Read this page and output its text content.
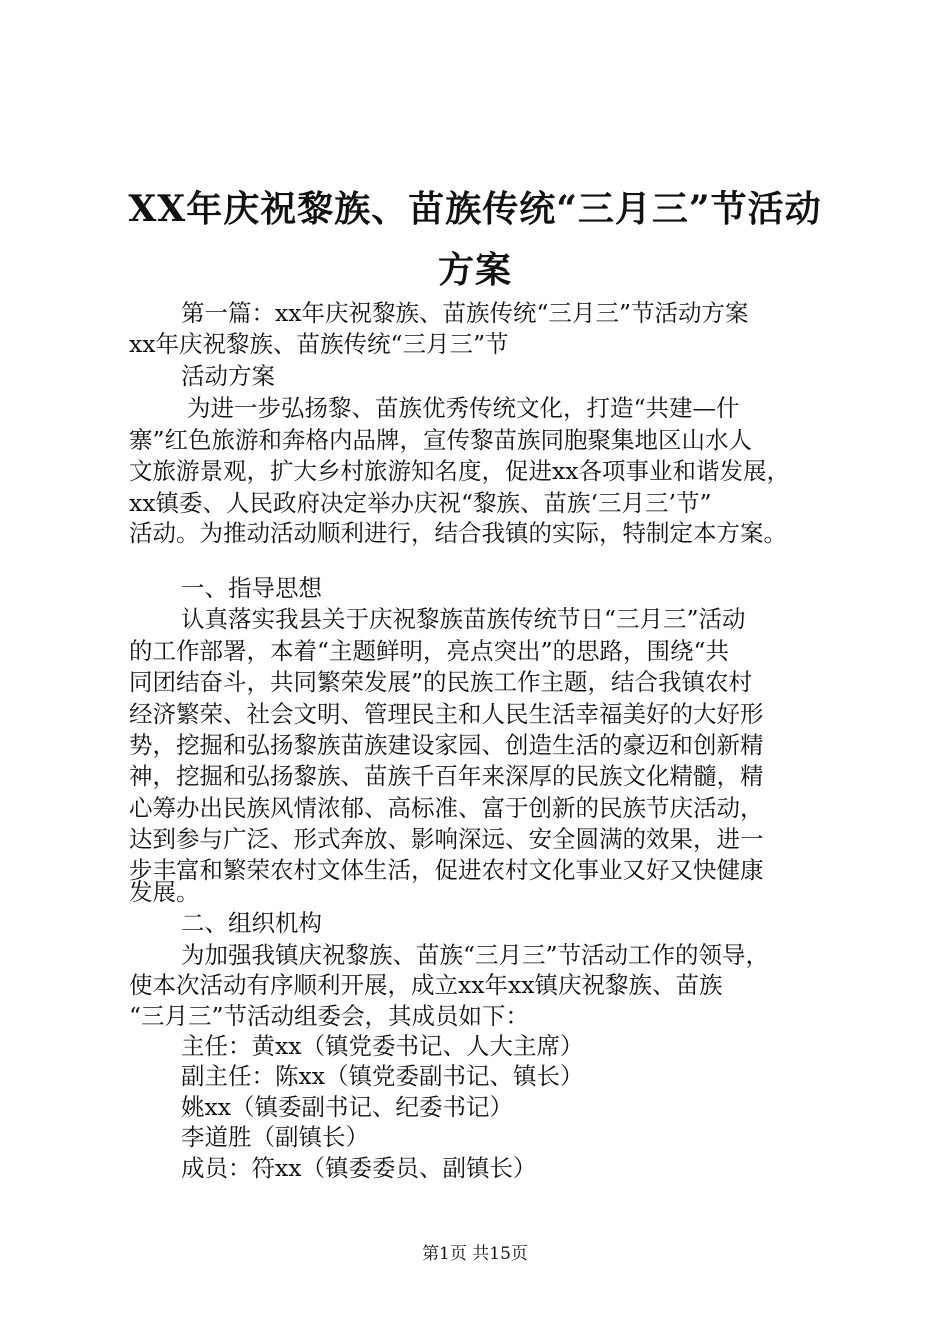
XX年庆祝黎族、苗族传统“三月三”节活动
方案
第一篇：xx年庆祝黎族、苗族传统“三月三”节活动方案
xx年庆祝黎族、苗族传统“三月三”节
活动方案
为进一步弘扬黎、苗族优秀传统文化，打造“共建—什
寨”红色旅游和奔格内品牌，宣传黎苗族同胞聚集地区山水人
文旅游景观，扩大乡村旅游知名度，促进xx各项事业和谐发展，
xx镇委、人民政府决定举办庆祝“黎族、苗族‘三月三’节”
活动。为推动活动顺利进行，结合我镇的实际，特制定本方案。
一、指导思想
认真落实我县关于庆祝黎族苗族传统节日“三月三”活动
的工作部署，本着“主题鲜明，亮点突出”的思路，围绕“共
同团结奋斗，共同繁荣发展”的民族工作主题，结合我镇农村
经济繁荣、社会文明、管理民主和人民生活幸福美好的大好形
势，挖掘和弘扬黎族苗族建设家园、创造生活的豪迈和创新精
神，挖掘和弘扬黎族、苗族千百年来深厚的民族文化精髓，精
心筹办出民族风情浓郁、高标准、富于创新的民族节庆活动，
达到参与广泛、形式奔放、影响深远、安全圆满的效果，进一
步丰富和繁荣农村文体生活，促进农村文化事业又好又快健康
发展。
二、组织机构
为加强我镇庆祝黎族、苗族“三月三”节活动工作的领导，
使本次活动有序顺利开展，成立xx年xx镇庆祝黎族、苗族
“三月三”节活动组委会，其成员如下：
主任：黄xx（镇党委书记、人大主席）
副主任：陈xx（镇党委副书记、镇长）
姚xx（镇委副书记、纪委书记）
李道胜（副镇长）
成员：符xx（镇委委员、副镇长）
第1页 共15页
